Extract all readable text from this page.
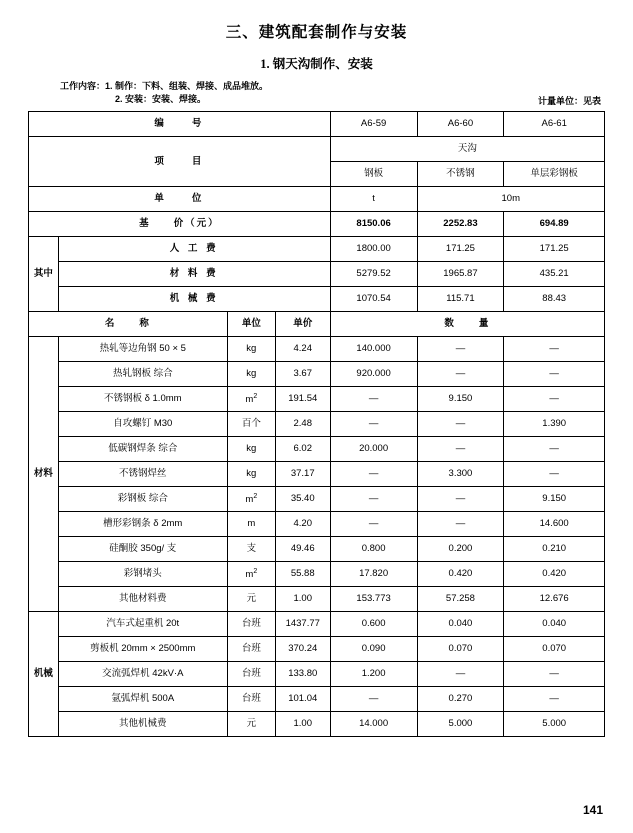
三、建筑配套制作与安装
1. 钢天沟制作、安装
工作内容：1. 制作：下料、组装、焊接、成品堆放。
2. 安装：安装、焊接。	计量单位：见表
编　　号				A6-59	A6-60	A6-61
项　　目				天沟		
				钢板	不锈钢	单层彩钢板
单　　位				t	10m	
基　　价（元）				8150.06	2252.83	694.89
其中	人 工 费			1800.00	171.25	171.25
	材 料 费			5279.52	1965.87	435.21
	机 械 费			1070.54	115.71	88.43
名　　称		单位	单价	数　　量		
材料	热轧等边角钢 50 × 5	kg	4.24	140.000	—	—
	热轧钢板 综合	kg	3.67	920.000	—	—
	不锈钢板 δ 1.0mm	$m^2$	191.54	—	9.150	—
	自攻螺钉 M30	百个	2.48	—	—	1.390
	低碳钢焊条 综合	kg	6.02	20.000	—	—
	不锈钢焊丝	kg	37.17	—	3.300	—
	彩钢板 综合	$m^2$	35.40	—	—	9.150
	槽形彩钢条 δ 2mm	m	4.20	—	—	14.600
	硅酮胶 350g/ 支	支	49.46	0.800	0.200	0.210
	彩钢堵头	$m^2$	55.88	17.820	0.420	0.420
	其他材料费	元	1.00	153.773	57.258	12.676
机械	汽车式起重机 20t	台班	1437.77	0.600	0.040	0.040
	剪板机 20mm × 2500mm	台班	370.24	0.090	0.070	0.070
	交流弧焊机 42kV·A	台班	133.80	1.200	—	—
	氩弧焊机 500A	台班	101.04	—	0.270	—
	其他机械费	元	1.00	14.000	5.000	5.000
141
